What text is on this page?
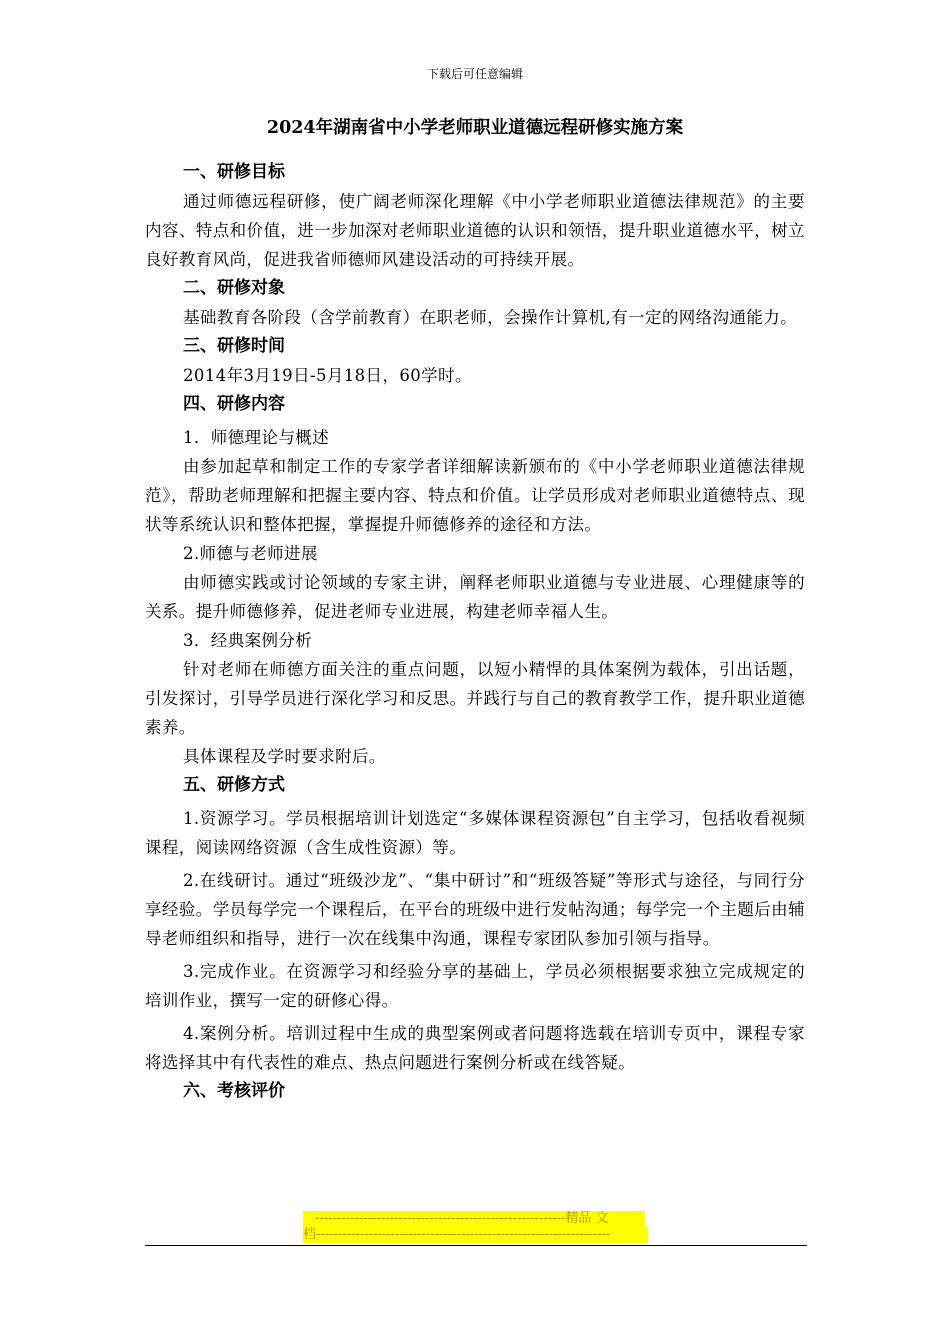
下载后可任意编辑
2024年湖南省中小学老师职业道德远程研修实施方案

一、研修目标

通过师德远程研修，使广阔老师深化理解《中小学老师职业道德法律规范》的主要内容、特点和价值，进一步加深对老师职业道德的认识和领悟，提升职业道德水平，树立良好教育风尚，促进我省师德师风建设活动的可持续开展。

二、研修对象

基础教育各阶段（含学前教育）在职老师，会操作计算机,有一定的网络沟通能力。

三、研修时间

2014年3月19日-5月18日，60学时。

四、研修内容

1．师德理论与概述

由参加起草和制定工作的专家学者详细解读新颁布的《中小学老师职业道德法律规范》，帮助老师理解和把握主要内容、特点和价值。让学员形成对老师职业道德特点、现状等系统认识和整体把握，掌握提升师德修养的途径和方法。

2.师德与老师进展

由师德实践或讨论领域的专家主讲，阐释老师职业道德与专业进展、心理健康等的关系。提升师德修养，促进老师专业进展，构建老师幸福人生。

3．经典案例分析

针对老师在师德方面关注的重点问题，以短小精悍的具体案例为载体，引出话题，引发探讨，引导学员进行深化学习和反思。并践行与自己的教育教学工作，提升职业道德素养。

具体课程及学时要求附后。

五、研修方式

1.资源学习。学员根据培训计划选定“多媒体课程资源包”自主学习，包括收看视频课程，阅读网络资源（含生成性资源）等。

2.在线研讨。通过“班级沙龙”、“集中研讨”和“班级答疑”等形式与途径，与同行分享经验。学员每学完一个课程后，在平台的班级中进行发帖沟通；每学完一个主题后由辅导老师组织和指导，进行一次在线集中沟通，课程专家团队参加引领与指导。

3.完成作业。在资源学习和经验分享的基础上，学员必须根据要求独立完成规定的培训作业，撰写一定的研修心得。

4.案例分析。培训过程中生成的典型案例或者问题将选载在培训专页中，课程专家将选择其中有代表性的难点、热点问题进行案例分析或在线答疑。

六、考核评价

---------------------------------------------------------精品 文
档-------------------------------------------------------------------
